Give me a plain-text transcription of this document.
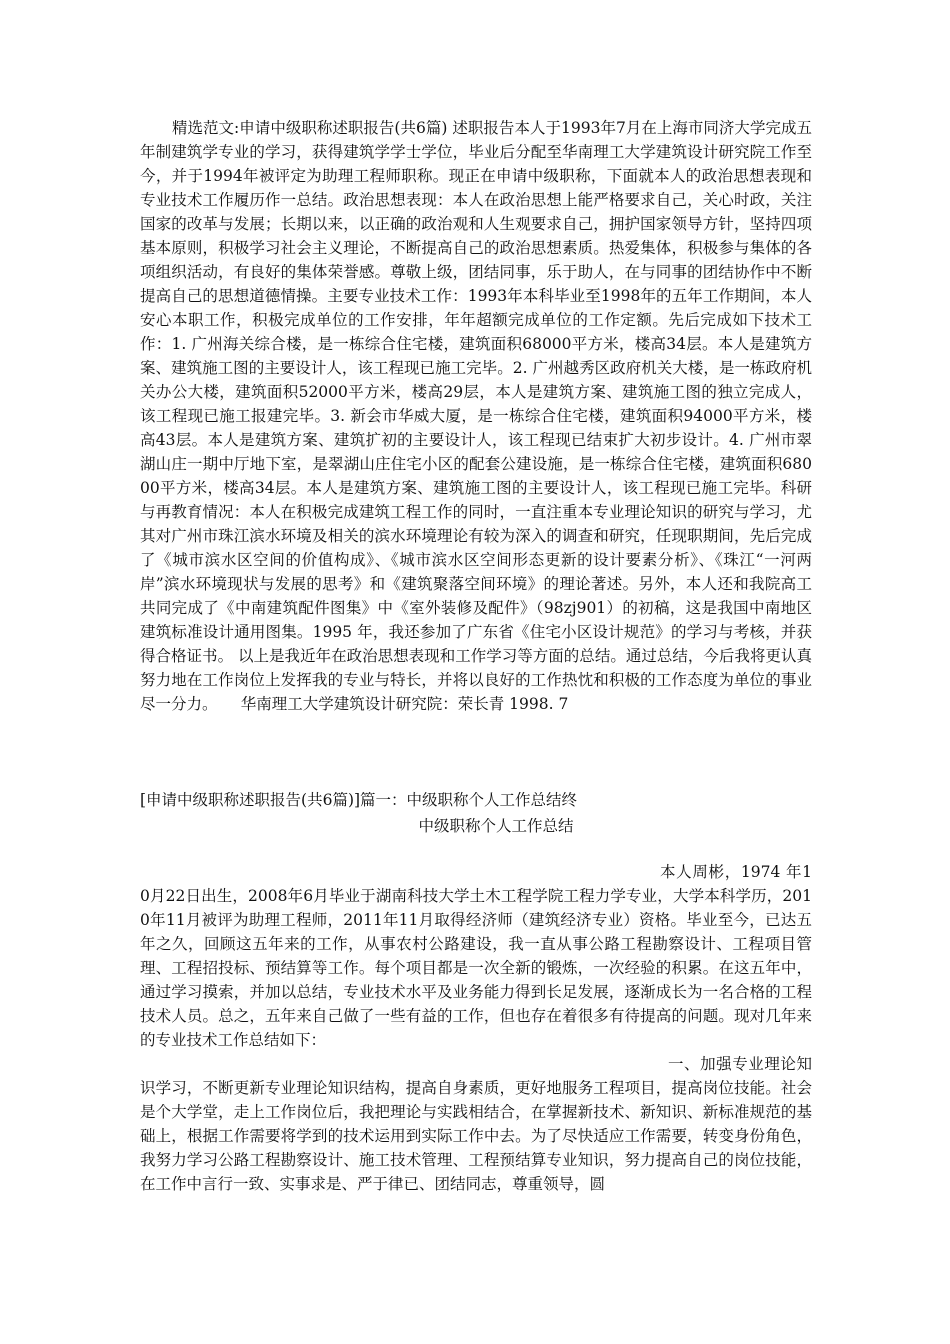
精选范文:申请中级职称述职报告(共6篇) 述职报告本人于1993年7月在上海市同济大学完成五年制建筑学专业的学习，获得建筑学学士学位，毕业后分配至华南理工大学建筑设计研究院工作至今，并于1994年被评定为助理工程师职称。现正在申请中级职称，下面就本人的政治思想表现和专业技术工作履历作一总结。政治思想表现：本人在政治思想上能严格要求自己，关心时政，关注国家的改革与发展；长期以来，以正确的政治观和人生观要求自己，拥护国家领导方针，坚持四项基本原则，积极学习社会主义理论，不断提高自己的政治思想素质。热爱集体，积极参与集体的各项组织活动，有良好的集体荣誉感。尊敬上级，团结同事，乐于助人，在与同事的团结协作中不断提高自己的思想道德情操。主要专业技术工作：1993年本科毕业至1998年的五年工作期间，本人安心本职工作，积极完成单位的工作安排，年年超额完成单位的工作定额。先后完成如下技术工作：1. 广州海关综合楼，是一栋综合住宅楼，建筑面积68000平方米，楼高34层。本人是建筑方案、建筑施工图的主要设计人，该工程现已施工完毕。2. 广州越秀区政府机关大楼，是一栋政府机关办公大楼，建筑面积52000平方米，楼高29层，本人是建筑方案、建筑施工图的独立完成人，该工程现已施工报建完毕。3. 新会市华威大厦，是一栋综合住宅楼，建筑面积94000平方米，楼高43层。本人是建筑方案、建筑扩初的主要设计人，该工程现已结束扩大初步设计。4. 广州市翠湖山庄一期中厅地下室，是翠湖山庄住宅小区的配套公建设施，是一栋综合住宅楼，建筑面积68000平方米，楼高34层。本人是建筑方案、建筑施工图的主要设计人，该工程现已施工完毕。科研与再教育情况：本人在积极完成建筑工程工作的同时，一直注重本专业理论知识的研究与学习，尤其对广州市珠江滨水环境及相关的滨水环境理论有较为深入的调查和研究，任现职期间，先后完成了《城市滨水区空间的价值构成》、《城市滨水区空间形态更新的设计要素分析》、《珠江“一河两岸”滨水环境现状与发展的思考》和《建筑聚落空间环境》的理论著述。另外，本人还和我院高工共同完成了《中南建筑配件图集》中《室外装修及配件》（98zj901）的初稿，这是我国中南地区建筑标准设计通用图集。1995 年，我还参加了广东省《住宅小区设计规范》的学习与考核，并获得合格证书。 以上是我近年在政治思想表现和工作学习等方面的总结。通过总结，今后我将更认真努力地在工作岗位上发挥我的专业与特长，并将以良好的工作热忱和积极的工作态度为单位的事业尽一分力。　　华南理工大学建筑设计研究院：荣长青 1998. 7

[申请中级职称述职报告(共6篇)]篇一：中级职称个人工作总结终
中级职称个人工作总结

本人周彬，1974 年10月22日出生，2008年6月毕业于湖南科技大学土木工程学院工程力学专业，大学本科学历，2010年11月被评为助理工程师，2011年11月取得经济师（建筑经济专业）资格。毕业至今，已达五年之久，回顾这五年来的工作，从事农村公路建设，我一直从事公路工程勘察设计、工程项目管理、工程招投标、预结算等工作。每个项目都是一次全新的锻炼，一次经验的积累。在这五年中，通过学习摸索，并加以总结，专业技术水平及业务能力得到长足发展，逐渐成长为一名合格的工程技术人员。总之，五年来自己做了一些有益的工作，但也存在着很多有待提高的问题。现对几年来的专业技术工作总结如下：

一、加强专业理论知识学习，不断更新专业理论知识结构，提高自身素质，更好地服务工程项目，提高岗位技能。社会是个大学堂，走上工作岗位后，我把理论与实践相结合，在掌握新技术、新知识、新标准规范的基础上，根据工作需要将学到的技术运用到实际工作中去。为了尽快适应工作需要，转变身份角色，我努力学习公路工程勘察设计、施工技术管理、工程预结算专业知识，努力提高自己的岗位技能，在工作中言行一致、实事求是、严于律已、团结同志，尊重领导，圆
